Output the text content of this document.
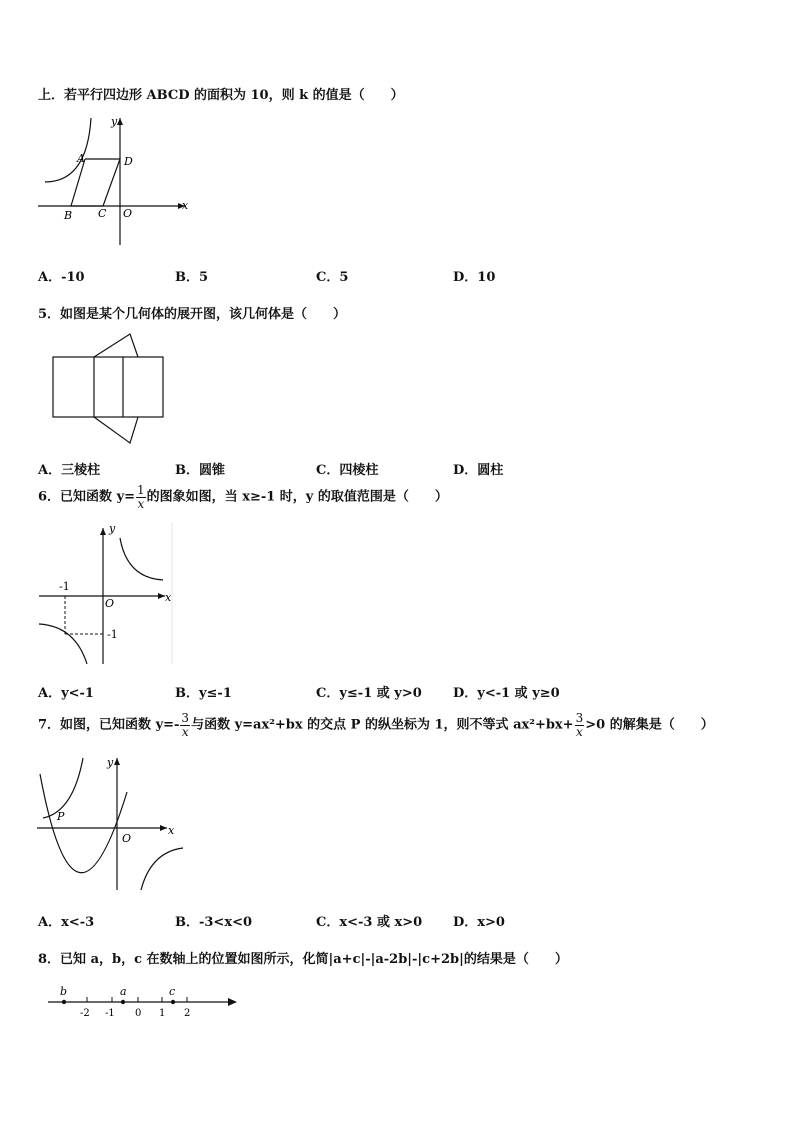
上．若平行四边形 ABCD 的面积为 10，则 k 的值是（　　）
y
x
A	D
B C O
A．-10	B．5	C．5	D．10
5．如图是某个几何体的展开图，该几何体是（　　）
A．三棱柱	B．圆锥	C．四棱柱	D．圆柱
6．已知函数 $y= \frac{1}{x}$ 的图象如图，当 x≥-1 时，y 的取值范围是（　　）
y
x
O
-1
-1
A．y<-1	B．y≤-1	C．y≤-1 或 y>0 D．y<-1 或 y≥0
7．如图，已知函数 $y=- \frac{3}{x}$ 与函数 y=ax²+bx 的交点 P 的纵坐标为 1，则不等式 $ax^2+bx+ \frac{3}{x} >0$ 的解集是（　　）
y
x
O
P
A．x<-3	B．-3<x<0	C．x<-3 或 x>0 D．x>0
8．已知 a，b，c 在数轴上的位置如图所示，化简|a+c|-|a-2b|-|c+2b|的结果是（　　）
b	a	c
-2 -1 0 1 2
